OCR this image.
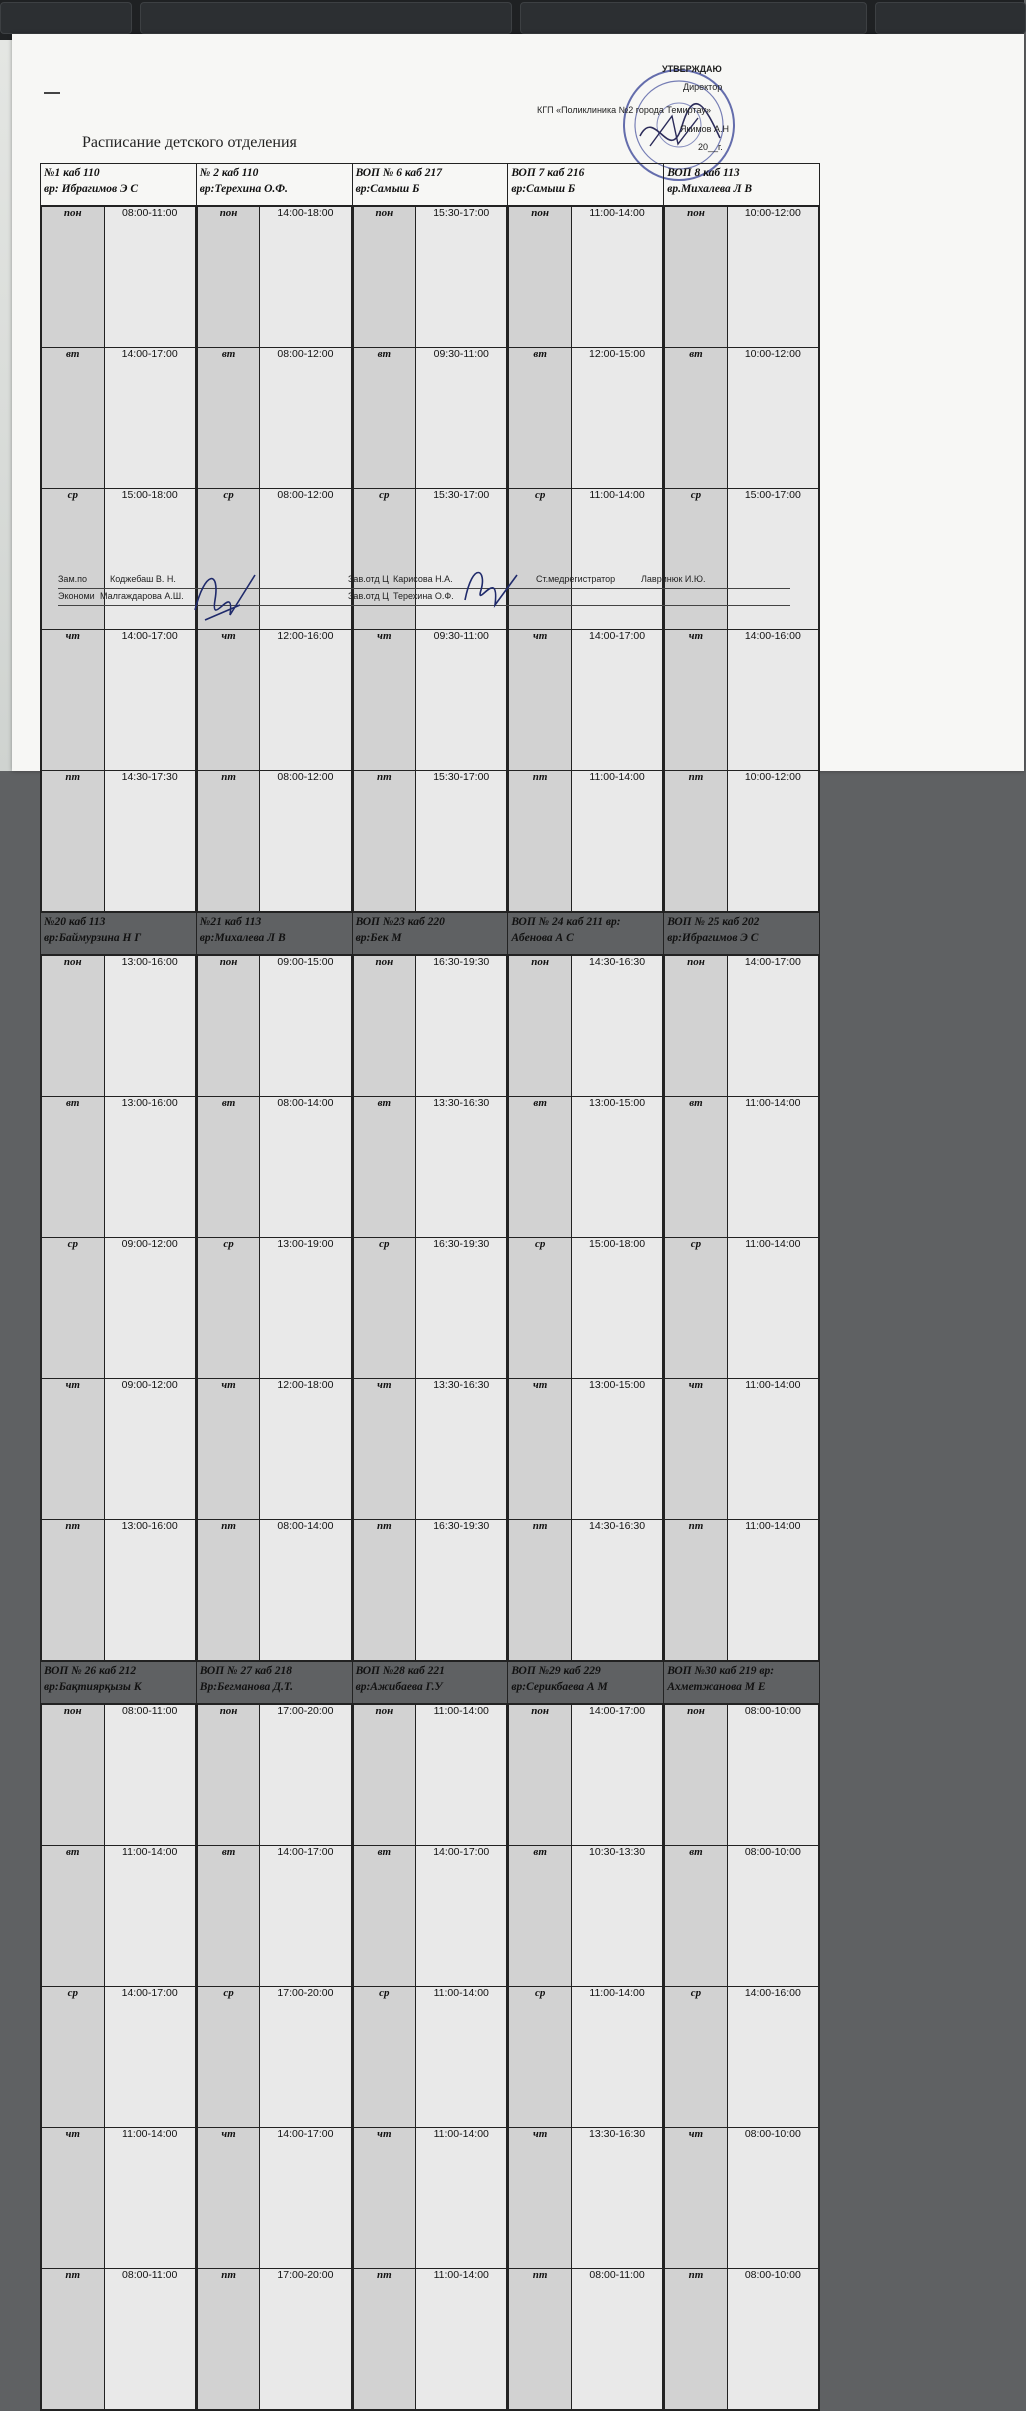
Расписание детского отделения
УТВЕРЖДАЮ
Директор
КГП «Поликлиника №2 города Темиртау»
Якимов А.Н
20__г.
№1 каб 110
вр: Ибрагимов Э С
пон	08:00-11:00
вт	14:00-17:00
ср	15:00-18:00
чт	14:00-17:00
пт	14:30-17:30

№ 2 каб 110
вр:Терехина О.Ф.
пон	14:00-18:00
вт	08:00-12:00
ср	08:00-12:00
чт	12:00-16:00
пт	08:00-12:00

ВОП № 6 каб 217
вр:Самыш Б
пон	15:30-17:00
вт	09:30-11:00
ср	15:30-17:00
чт	09:30-11:00
пт	15:30-17:00

ВОП 7 каб 216
вр:Самыш Б
пон	11:00-14:00
вт	12:00-15:00
ср	11:00-14:00
чт	14:00-17:00
пт	11:00-14:00

ВОП 8 каб 113
вр.Михалева Л В
пон	10:00-12:00
вт	10:00-12:00
ср	15:00-17:00
чт	14:00-16:00
пт	10:00-12:00

№20 каб 113
вр:Баймурзина Н Г
пон	13:00-16:00
вт	13:00-16:00
ср	09:00-12:00
чт	09:00-12:00
пт	13:00-16:00

№21 каб 113
вр:Михалева Л В
пон	09:00-15:00
вт	08:00-14:00
ср	13:00-19:00
чт	12:00-18:00
пт	08:00-14:00

ВОП №23 каб 220
вр:Бек М
пон	16:30-19:30
вт	13:30-16:30
ср	16:30-19:30
чт	13:30-16:30
пт	16:30-19:30

ВОП № 24 каб 211 вр:
Абенова А С
пон	14:30-16:30
вт	13:00-15:00
ср	15:00-18:00
чт	13:00-15:00
пт	14:30-16:30

ВОП № 25 каб 202
вр:Ибрагимов Э С
пон	14:00-17:00
вт	11:00-14:00
ср	11:00-14:00
чт	11:00-14:00
пт	11:00-14:00

ВОП № 26 каб 212
вр:Бақтиярқызы К
пон	08:00-11:00
вт	11:00-14:00
ср	14:00-17:00
чт	11:00-14:00
пт	08:00-11:00

ВОП № 27 каб 218
Вр:Бегманова Д.Т.
пон	17:00-20:00
вт	14:00-17:00
ср	17:00-20:00
чт	14:00-17:00
пт	17:00-20:00

ВОП №28 каб 221
вр:Ажибаева Г.У
пон	11:00-14:00
вт	14:00-17:00
ср	11:00-14:00
чт	11:00-14:00
пт	11:00-14:00

ВОП №29 каб 229
вр:Серикбаева А М
пон	14:00-17:00
вт	10:30-13:30
ср	11:00-14:00
чт	13:30-16:30
пт	08:00-11:00

ВОП №30 каб 219 вр:
Ахметжанова М Е
пон	08:00-10:00
вт	08:00-10:00
ср	14:00-16:00
чт	08:00-10:00
пт	08:00-10:00
Зам.по	Коджебаш В. Н.	Зав.отд Ц Карисова Н.А.	Ст.медрегистратор	Лавринюк И.Ю.
Экономи Малгаждарова А.Ш.	Зав.отд Ц Терехина О.Ф.
